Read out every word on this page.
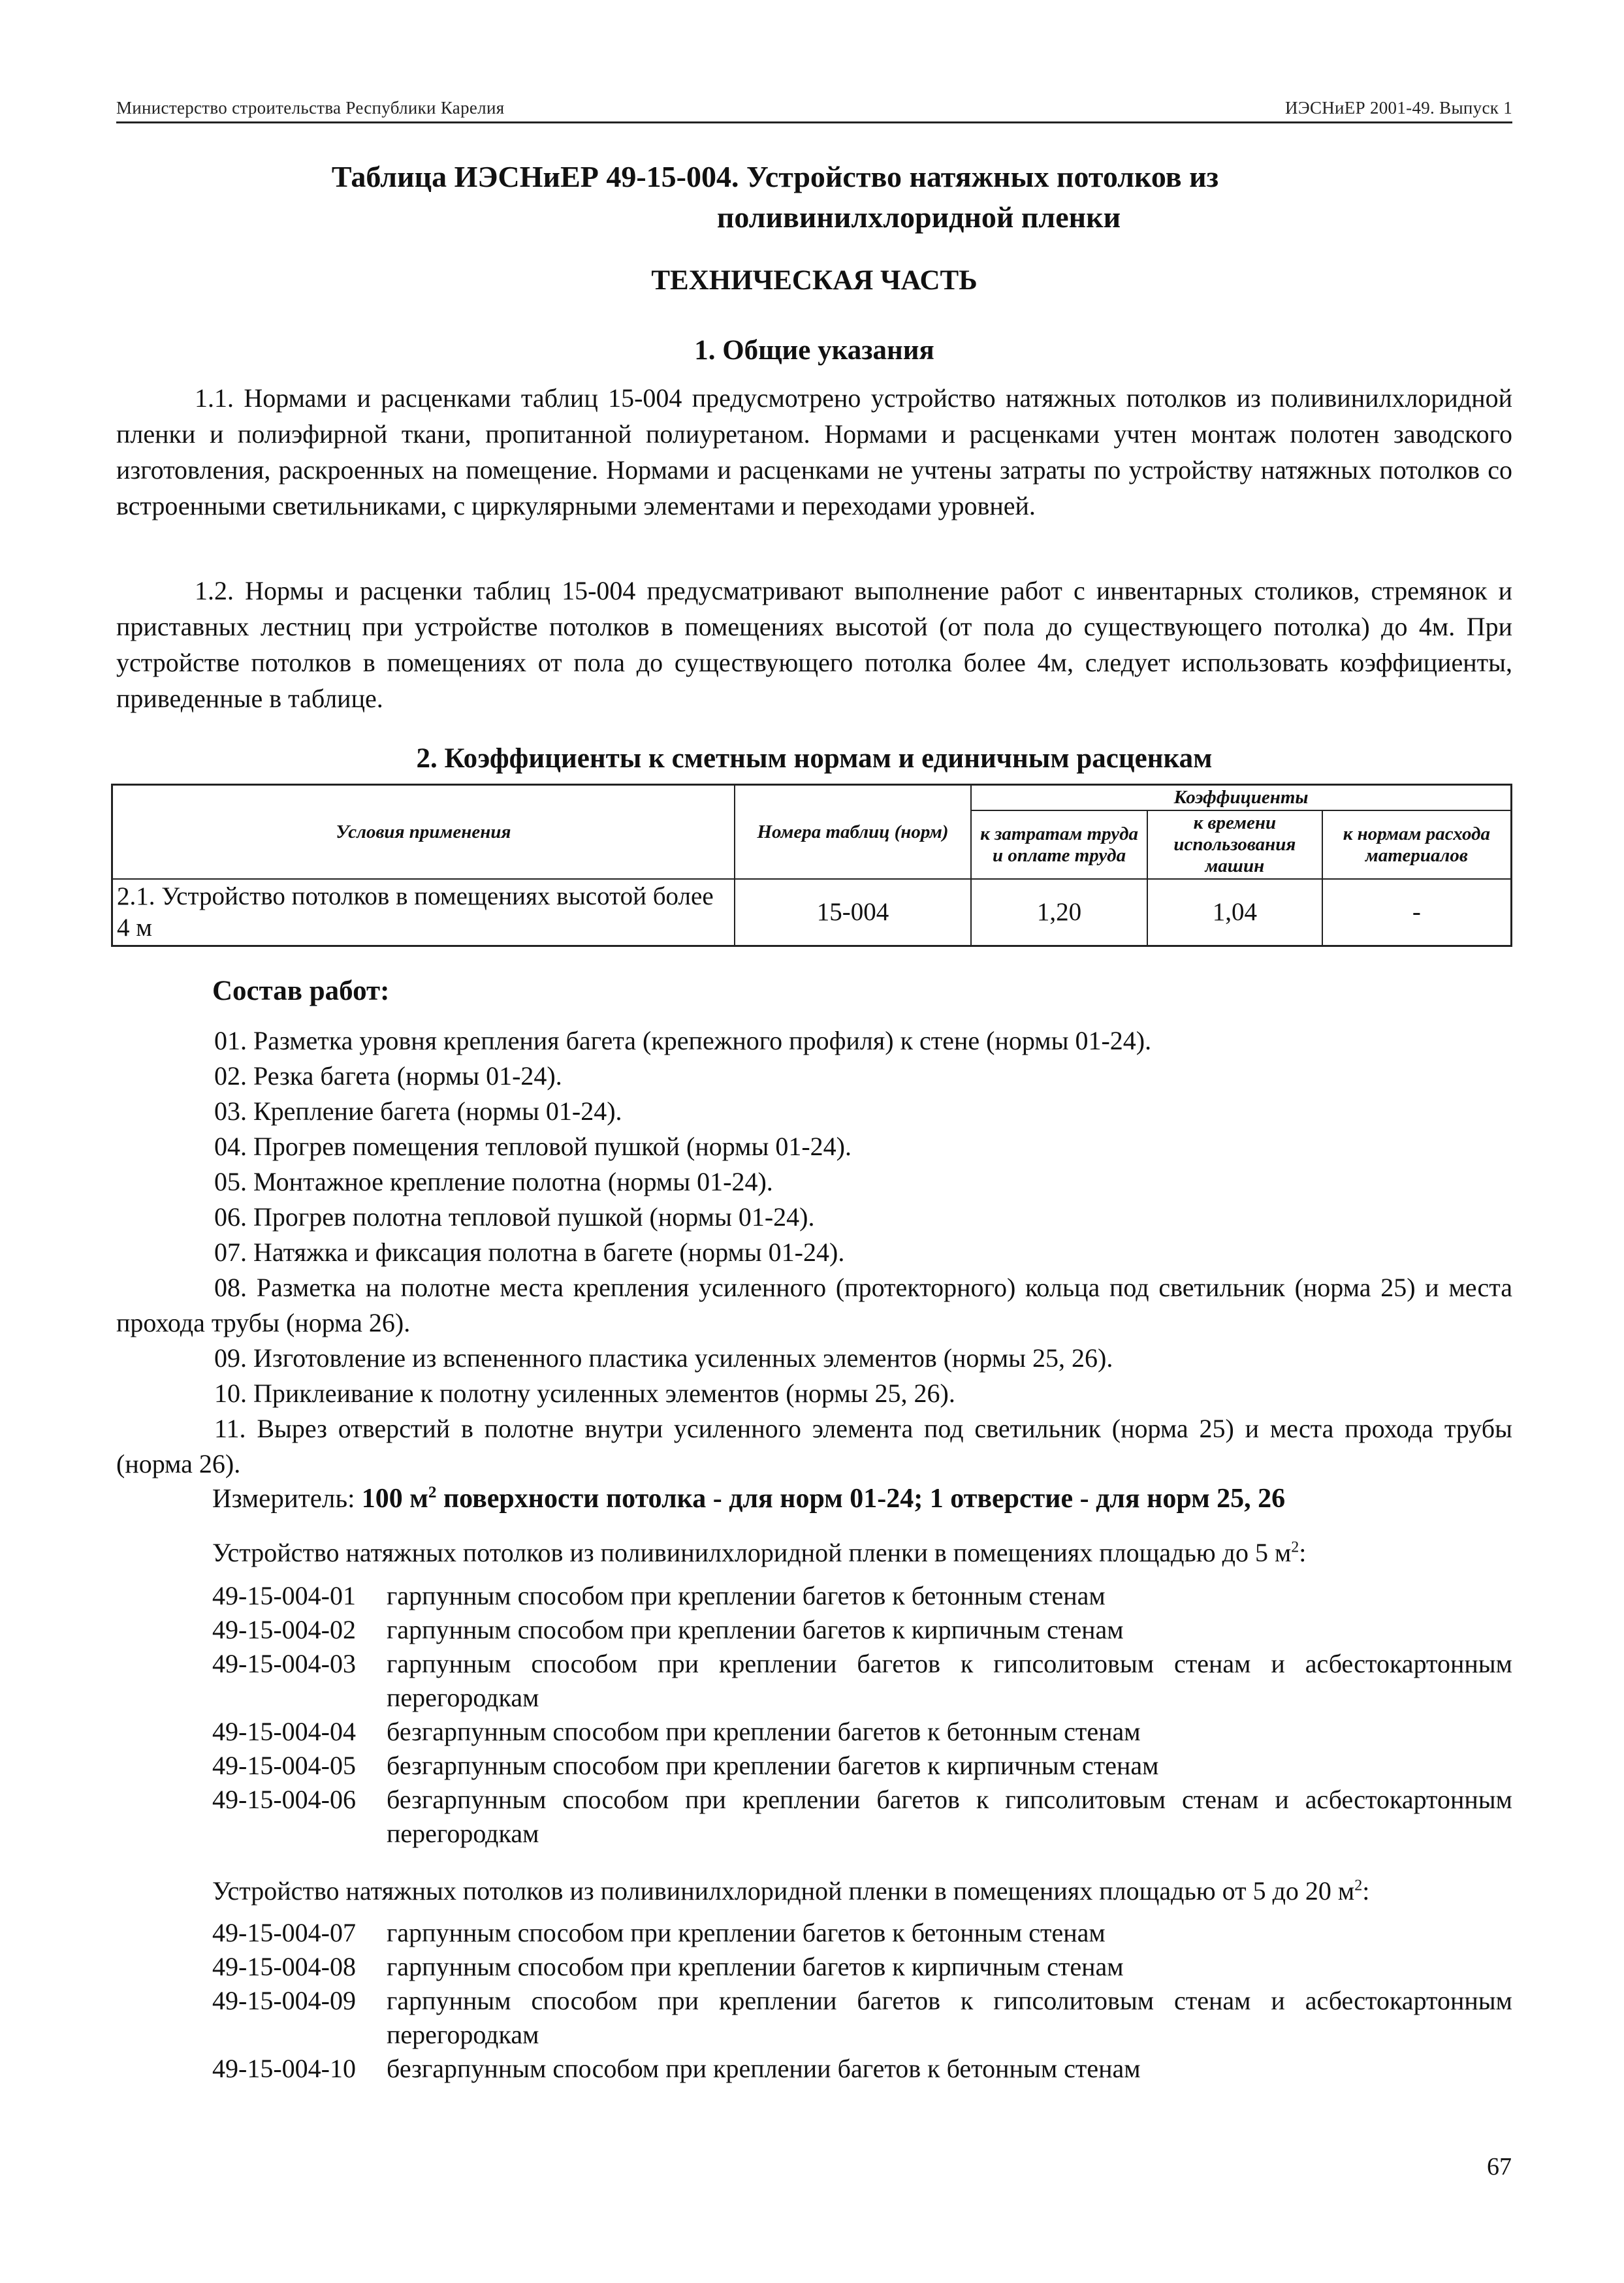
Министерство строительства Республики Карелия	ИЭСНиЕР 2001-49. Выпуск 1
Таблица ИЭСНиЕР 49-15-004. Устройство натяжных потолков из
поливинилхлоридной пленки
ТЕХНИЧЕСКАЯ ЧАСТЬ
1. Общие указания
1.1. Нормами и расценками таблиц 15-004 предусмотрено устройство натяжных потолков из поливинилхлоридной пленки и полиэфирной ткани, пропитанной полиуретаном. Нормами и расценками учтен монтаж полотен заводского изготовления, раскроенных на помещение. Нормами и расценками не учтены затраты по устройству натяжных потолков со встроенными светильниками, с циркулярными элементами и переходами уровней.
1.2. Нормы и расценки таблиц 15-004 предусматривают выполнение работ с инвентарных столиков, стремянок и приставных лестниц при устройстве потолков в помещениях высотой (от пола до существующего потолка) до 4м. При устройстве потолков в помещениях от пола до существующего потолка более 4м, следует использовать коэффициенты, приведенные в таблице.
2. Коэффициенты к сметным нормам и единичным расценкам
Условия применения	Номера таблиц (норм)	Коэффициенты		
		к затратам труда и оплате труда	к времени использования машин	к нормам расхода материалов
2.1. Устройство потолков в помещениях высотой более 4 м	15-004	1,20	1,04	-
Состав работ:
01. Разметка уровня крепления багета (крепежного профиля) к стене (нормы 01-24).
02. Резка багета (нормы 01-24).
03. Крепление багета (нормы 01-24).
04. Прогрев помещения тепловой пушкой (нормы 01-24).
05. Монтажное крепление полотна (нормы 01-24).
06. Прогрев полотна тепловой пушкой (нормы 01-24).
07. Натяжка и фиксация полотна в багете (нормы 01-24).
08. Разметка на полотне места крепления усиленного (протекторного) кольца под светильник (норма 25) и места прохода трубы (норма 26).
09. Изготовление из вспененного пластика усиленных элементов (нормы 25, 26).
10. Приклеивание к полотну усиленных элементов (нормы 25, 26).
11. Вырез отверстий в полотне внутри усиленного элемента под светильник (норма 25) и места прохода трубы (норма 26).
Измеритель: 100 $м^2$ поверхности потолка - для норм 01-24; 1 отверстие - для норм 25, 26
Устройство натяжных потолков из поливинилхлоридной пленки в помещениях площадью до 5 $м^2$:
49-15-004-01	гарпунным способом при креплении багетов к бетонным стенам
49-15-004-02	гарпунным способом при креплении багетов к кирпичным стенам
49-15-004-03	гарпунным способом при креплении багетов к гипсолитовым стенам и асбестокартонным перегородкам
49-15-004-04	безгарпунным способом при креплении багетов к бетонным стенам
49-15-004-05	безгарпунным способом при креплении багетов к кирпичным стенам
49-15-004-06	безгарпунным способом при креплении багетов к гипсолитовым стенам и асбестокартонным перегородкам
Устройство натяжных потолков из поливинилхлоридной пленки в помещениях площадью от 5 до 20 $м^2$:
49-15-004-07	гарпунным способом при креплении багетов к бетонным стенам
49-15-004-08	гарпунным способом при креплении багетов к кирпичным стенам
49-15-004-09	гарпунным способом при креплении багетов к гипсолитовым стенам и асбестокартонным перегородкам
49-15-004-10	безгарпунным способом при креплении багетов к бетонным стенам
67
